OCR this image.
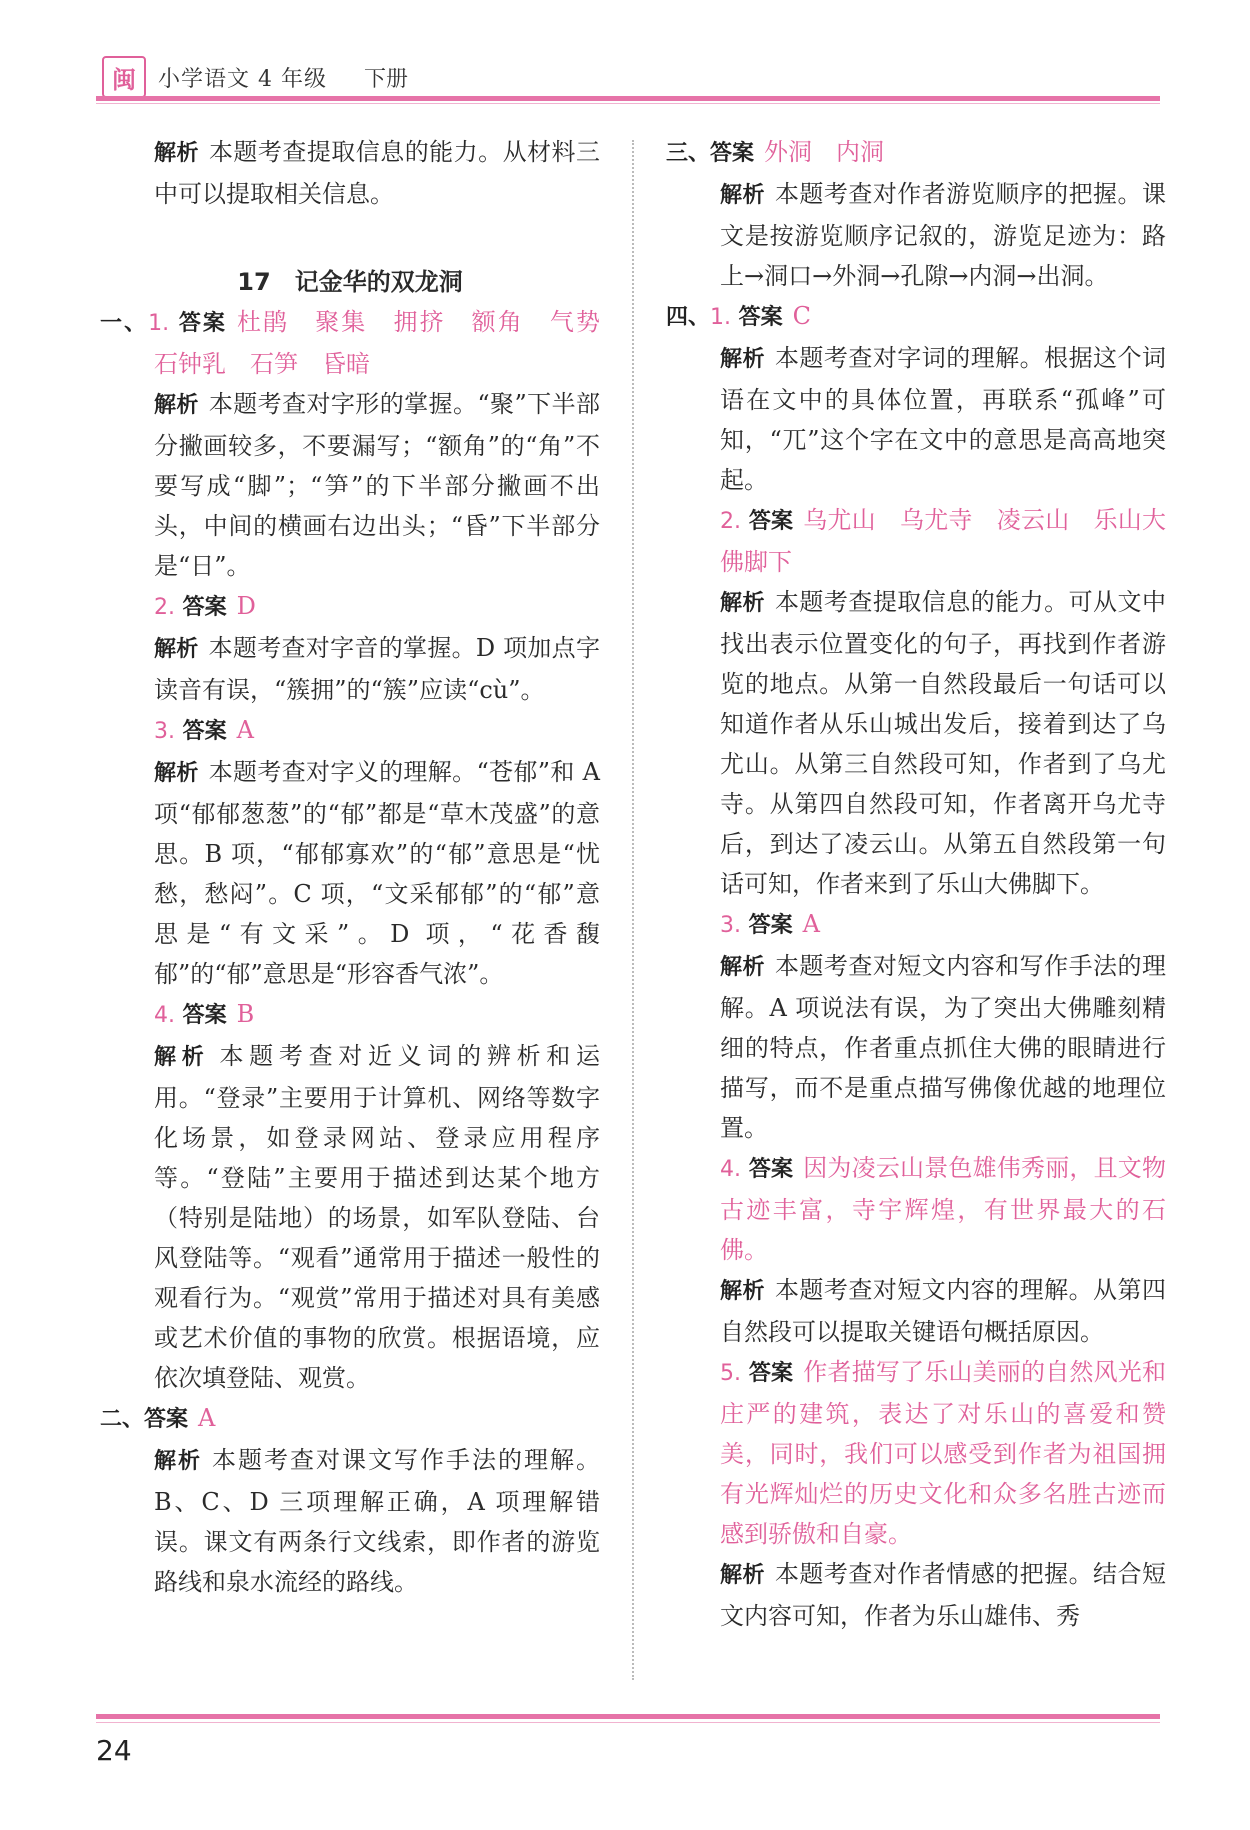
闽	小学语文 4 年级 下册

解析 本题考查提取信息的能力。从材料三中可以提取相关信息。

17　记金华的双龙洞

一、1. 答案 杜鹃　聚集　拥挤　额角　气势　石钟乳　石笋　昏暗

解析 本题考查对字形的掌握。“聚”下半部分撇画较多，不要漏写；“额角”的“角”不要写成“脚”；“笋”的下半部分撇画不出头，中间的横画右边出头；“昏”下半部分是“日”。

2. 答案 D

解析 本题考查对字音的掌握。D 项加点字读音有误，“簇拥”的“簇”应读“cù”。

3. 答案 A

解析 本题考查对字义的理解。“苍郁”和 A 项“郁郁葱葱”的“郁”都是“草木茂盛”的意思。B 项，“郁郁寡欢”的“郁”意思是“忧愁，愁闷”。C 项，“文采郁郁”的“郁”意思是“有文采”。D 项，“花香馥郁”的“郁”意思是“形容香气浓”。

4. 答案 B

解析 本题考查对近义词的辨析和运用。“登录”主要用于计算机、网络等数字化场景，如登录网站、登录应用程序等。“登陆”主要用于描述到达某个地方（特别是陆地）的场景，如军队登陆、台风登陆等。“观看”通常用于描述一般性的观看行为。“观赏”常用于描述对具有美感或艺术价值的事物的欣赏。根据语境，应依次填登陆、观赏。

二、答案 A

解析 本题考查对课文写作手法的理解。B、C、D 三项理解正确，A 项理解错误。课文有两条行文线索，即作者的游览路线和泉水流经的路线。

三、答案 外洞　内洞

解析 本题考查对作者游览顺序的把握。课文是按游览顺序记叙的，游览足迹为：路上→洞口→外洞→孔隙→内洞→出洞。

四、1. 答案 C

解析 本题考查对字词的理解。根据这个词语在文中的具体位置，再联系“孤峰”可知，“兀”这个字在文中的意思是高高地突起。

2. 答案 乌尤山　乌尤寺　凌云山　乐山大佛脚下

解析 本题考查提取信息的能力。可从文中找出表示位置变化的句子，再找到作者游览的地点。从第一自然段最后一句话可以知道作者从乐山城出发后，接着到达了乌尤山。从第三自然段可知，作者到了乌尤寺。从第四自然段可知，作者离开乌尤寺后，到达了凌云山。从第五自然段第一句话可知，作者来到了乐山大佛脚下。

3. 答案 A

解析 本题考查对短文内容和写作手法的理解。A 项说法有误，为了突出大佛雕刻精细的特点，作者重点抓住大佛的眼睛进行描写，而不是重点描写佛像优越的地理位置。

4. 答案 因为凌云山景色雄伟秀丽，且文物古迹丰富，寺宇辉煌，有世界最大的石佛。

解析 本题考查对短文内容的理解。从第四自然段可以提取关键语句概括原因。

5. 答案 作者描写了乐山美丽的自然风光和庄严的建筑，表达了对乐山的喜爱和赞美，同时，我们可以感受到作者为祖国拥有光辉灿烂的历史文化和众多名胜古迹而感到骄傲和自豪。

解析 本题考查对作者情感的把握。结合短文内容可知，作者为乐山雄伟、秀

24
